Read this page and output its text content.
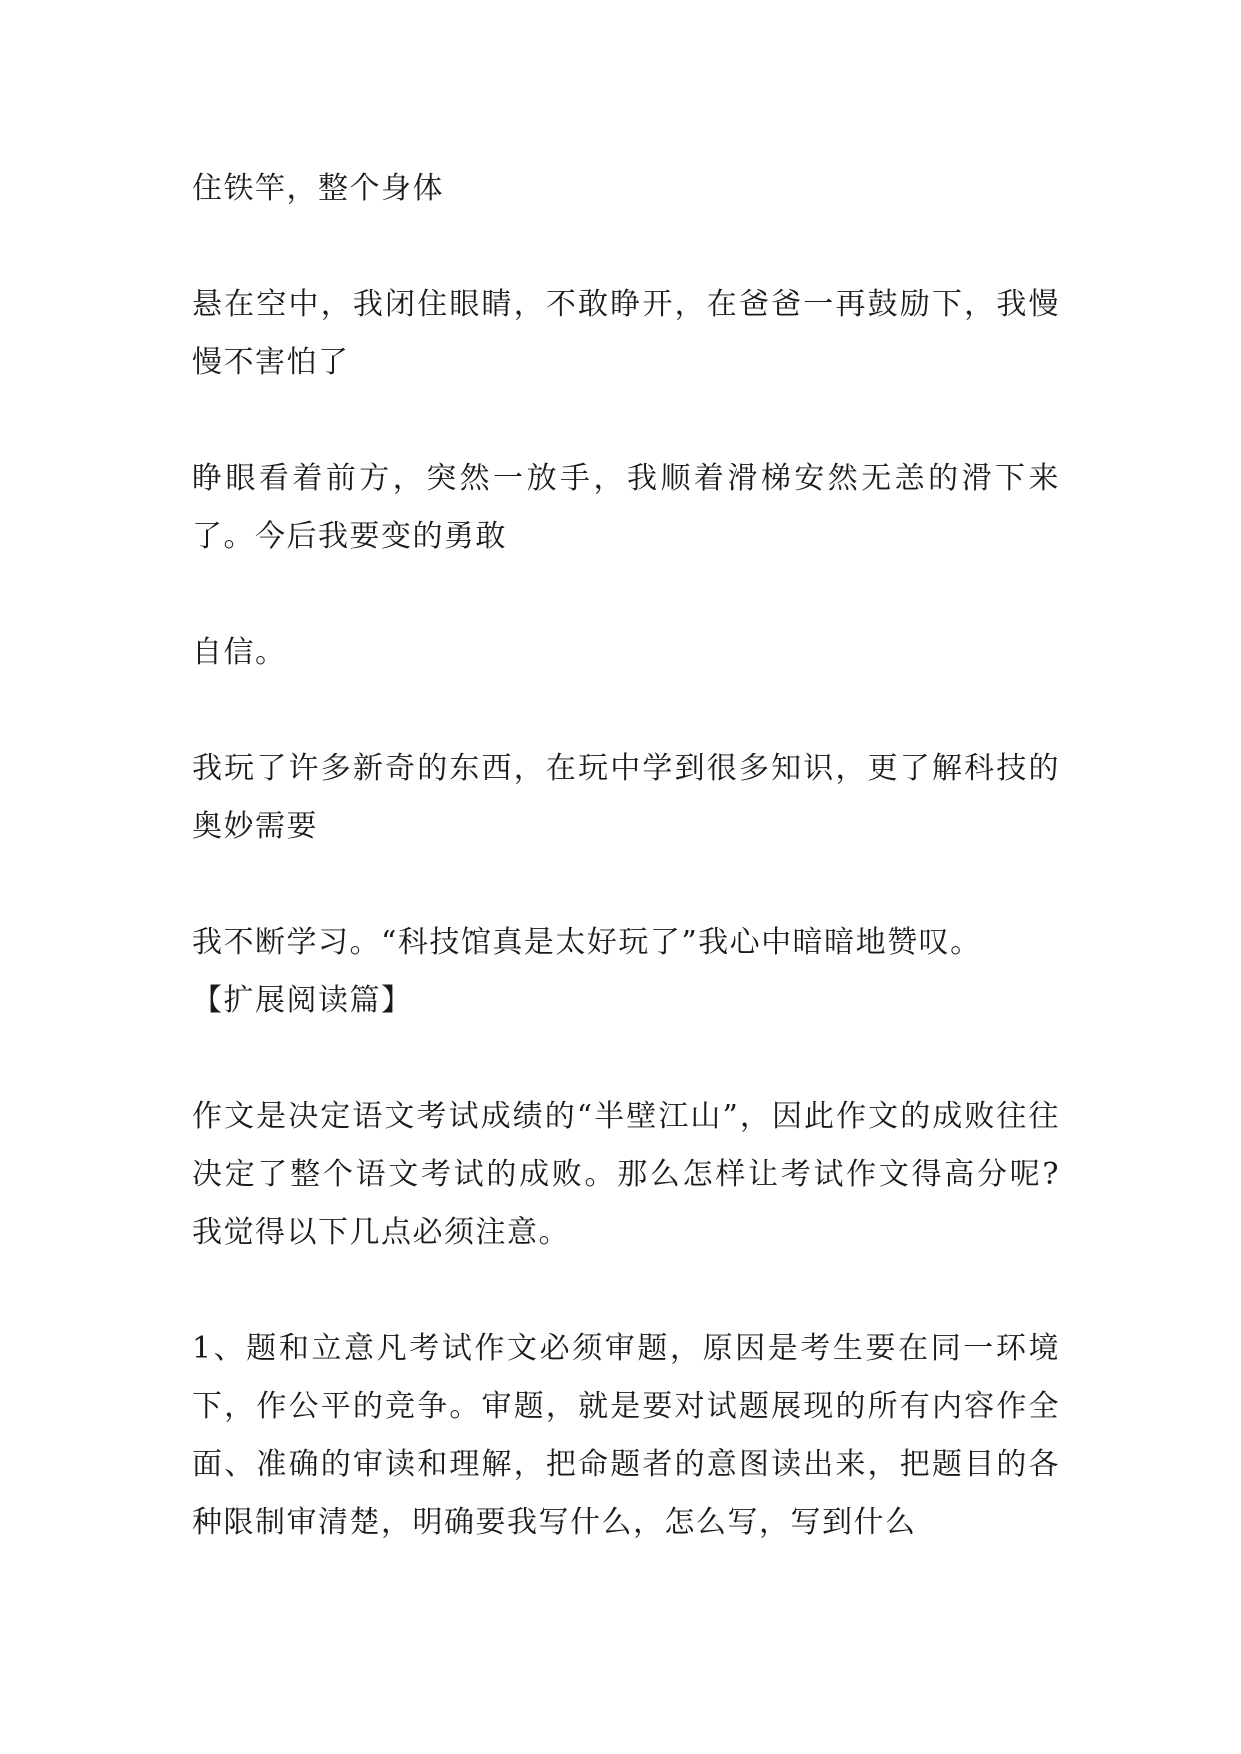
住铁竿，整个身体

悬在空中，我闭住眼睛，不敢睁开，在爸爸一再鼓励下，我慢慢不害怕了

睁眼看着前方，突然一放手，我顺着滑梯安然无恙的滑下来了。今后我要变的勇敢

自信。

我玩了许多新奇的东西，在玩中学到很多知识，更了解科技的奥妙需要

我不断学习。“科技馆真是太好玩了”我心中暗暗地赞叹。

【扩展阅读篇】

作文是决定语文考试成绩的“半壁江山”，因此作文的成败往往决定了整个语文考试的成败。那么怎样让考试作文得高分呢?我觉得以下几点必须注意。

1、题和立意凡考试作文必须审题，原因是考生要在同一环境下，作公平的竞争。审题，就是要对试题展现的所有内容作全面、准确的审读和理解，把命题者的意图读出来，把题目的各种限制审清楚，明确要我写什么，怎么写，写到什么
